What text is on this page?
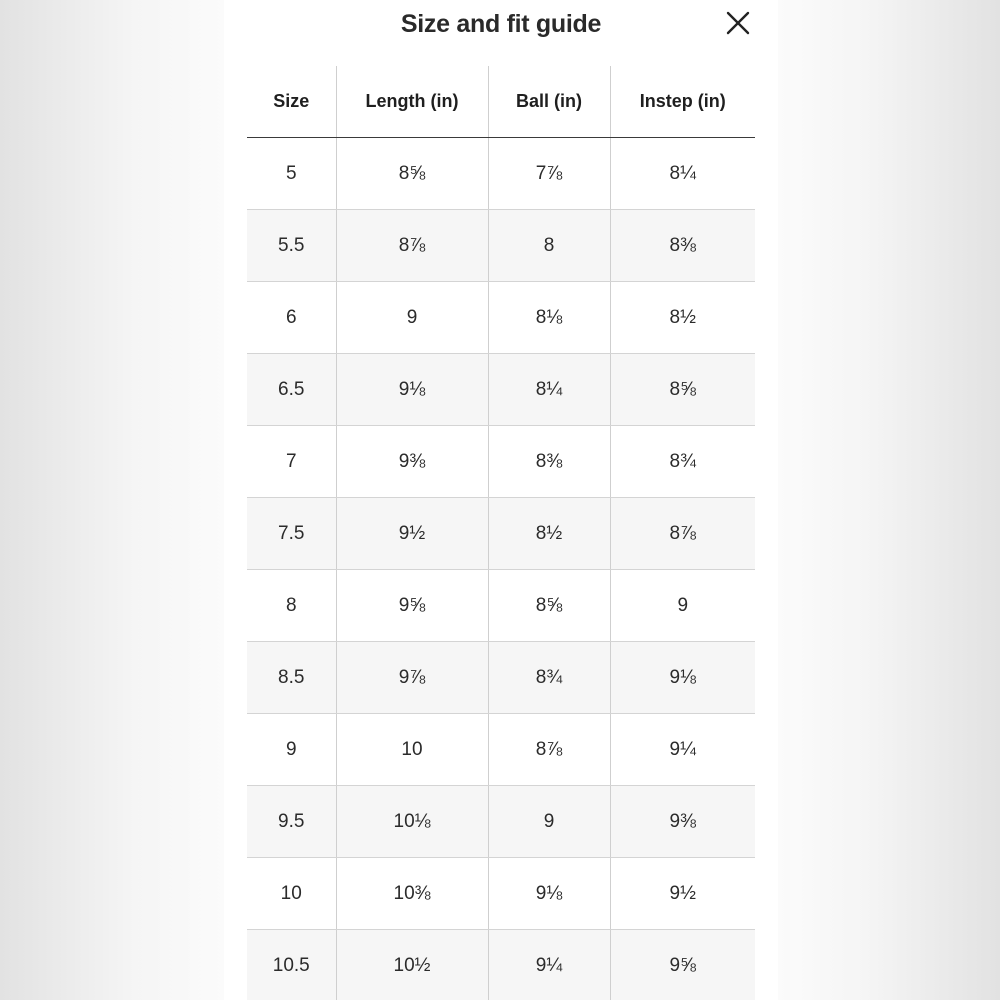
Size and fit guide
Size	Length (in)	Ball (in)	Instep (in)
5	8⅝	7⅞	8¼
5.5	8⅞	8	8⅜
6	9	8⅛	8½
6.5	9⅛	8¼	8⅝
7	9⅜	8⅜	8¾
7.5	9½	8½	8⅞
8	9⅝	8⅝	9
8.5	9⅞	8¾	9⅛
9	10	8⅞	9¼
9.5	10⅛	9	9⅜
10	10⅜	9⅛	9½
10.5	10½	9¼	9⅝
